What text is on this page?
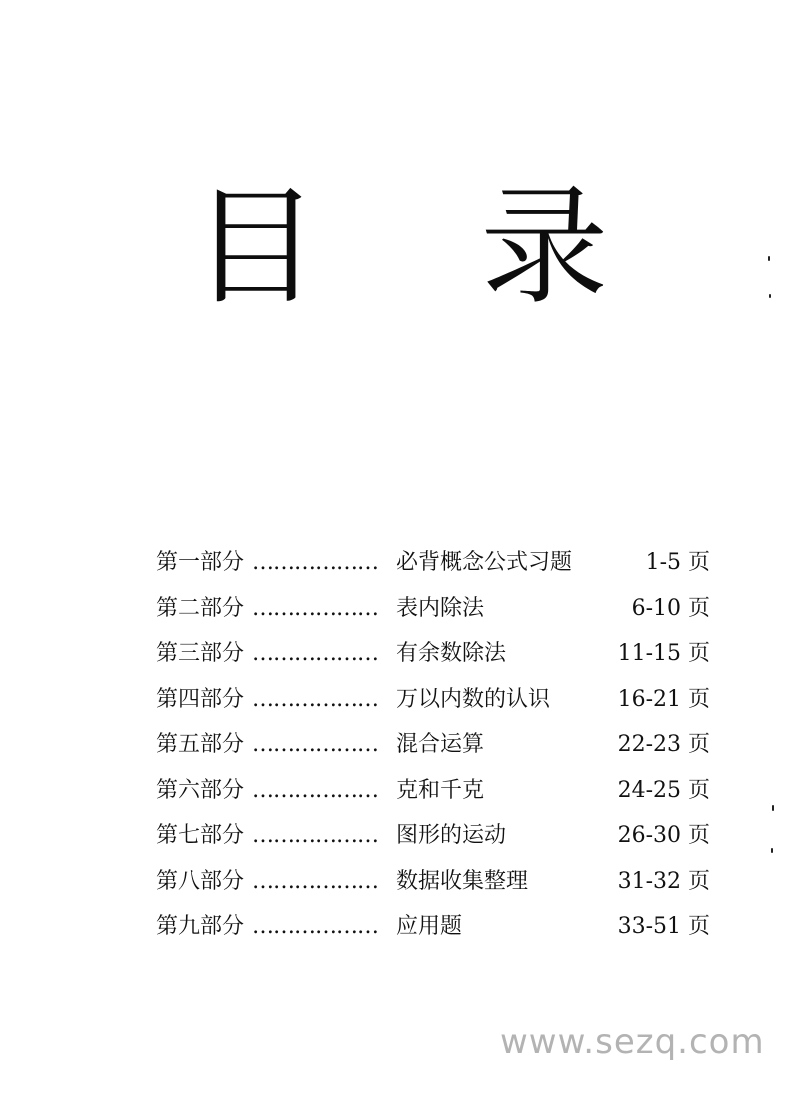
目 录
第一部分 ……………… 必背概念公式习题	1-5 页
第二部分 ……………… 表内除法	6-10 页
第三部分 ……………… 有余数除法	11-15 页
第四部分 ……………… 万以内数的认识	16-21 页
第五部分 ……………… 混合运算	22-23 页
第六部分 ……………… 克和千克	24-25 页
第七部分 ……………… 图形的运动	26-30 页
第八部分 ……………… 数据收集整理	31-32 页
第九部分 ……………… 应用题	33-51 页
www.sezq.com
